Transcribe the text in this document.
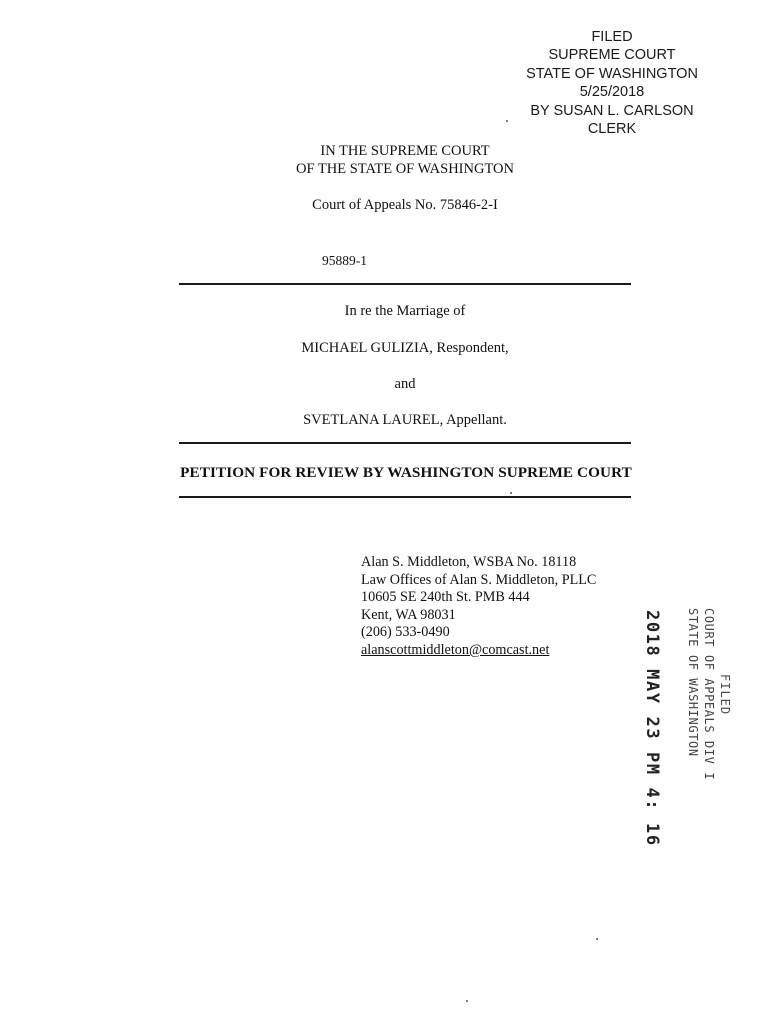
FILED
SUPREME COURT
STATE OF WASHINGTON
5/25/2018
BY SUSAN L. CARLSON
CLERK
IN THE SUPREME COURT
OF THE STATE OF WASHINGTON
Court of Appeals No. 75846-2-I
95889-1
In re the Marriage of
MICHAEL GULIZIA, Respondent,
and
SVETLANA LAUREL, Appellant.
PETITION FOR REVIEW BY WASHINGTON SUPREME COURT
Alan S. Middleton, WSBA No. 18118
Law Offices of Alan S. Middleton, PLLC
10605 SE 240th St. PMB 444
Kent, WA 98031
(206) 533-0490
alanscottmiddleton@comcast.net
FILED
COURT OF APPEALS DIV I
STATE OF WASHINGTON
2018 MAY 23 PM 4: 16
